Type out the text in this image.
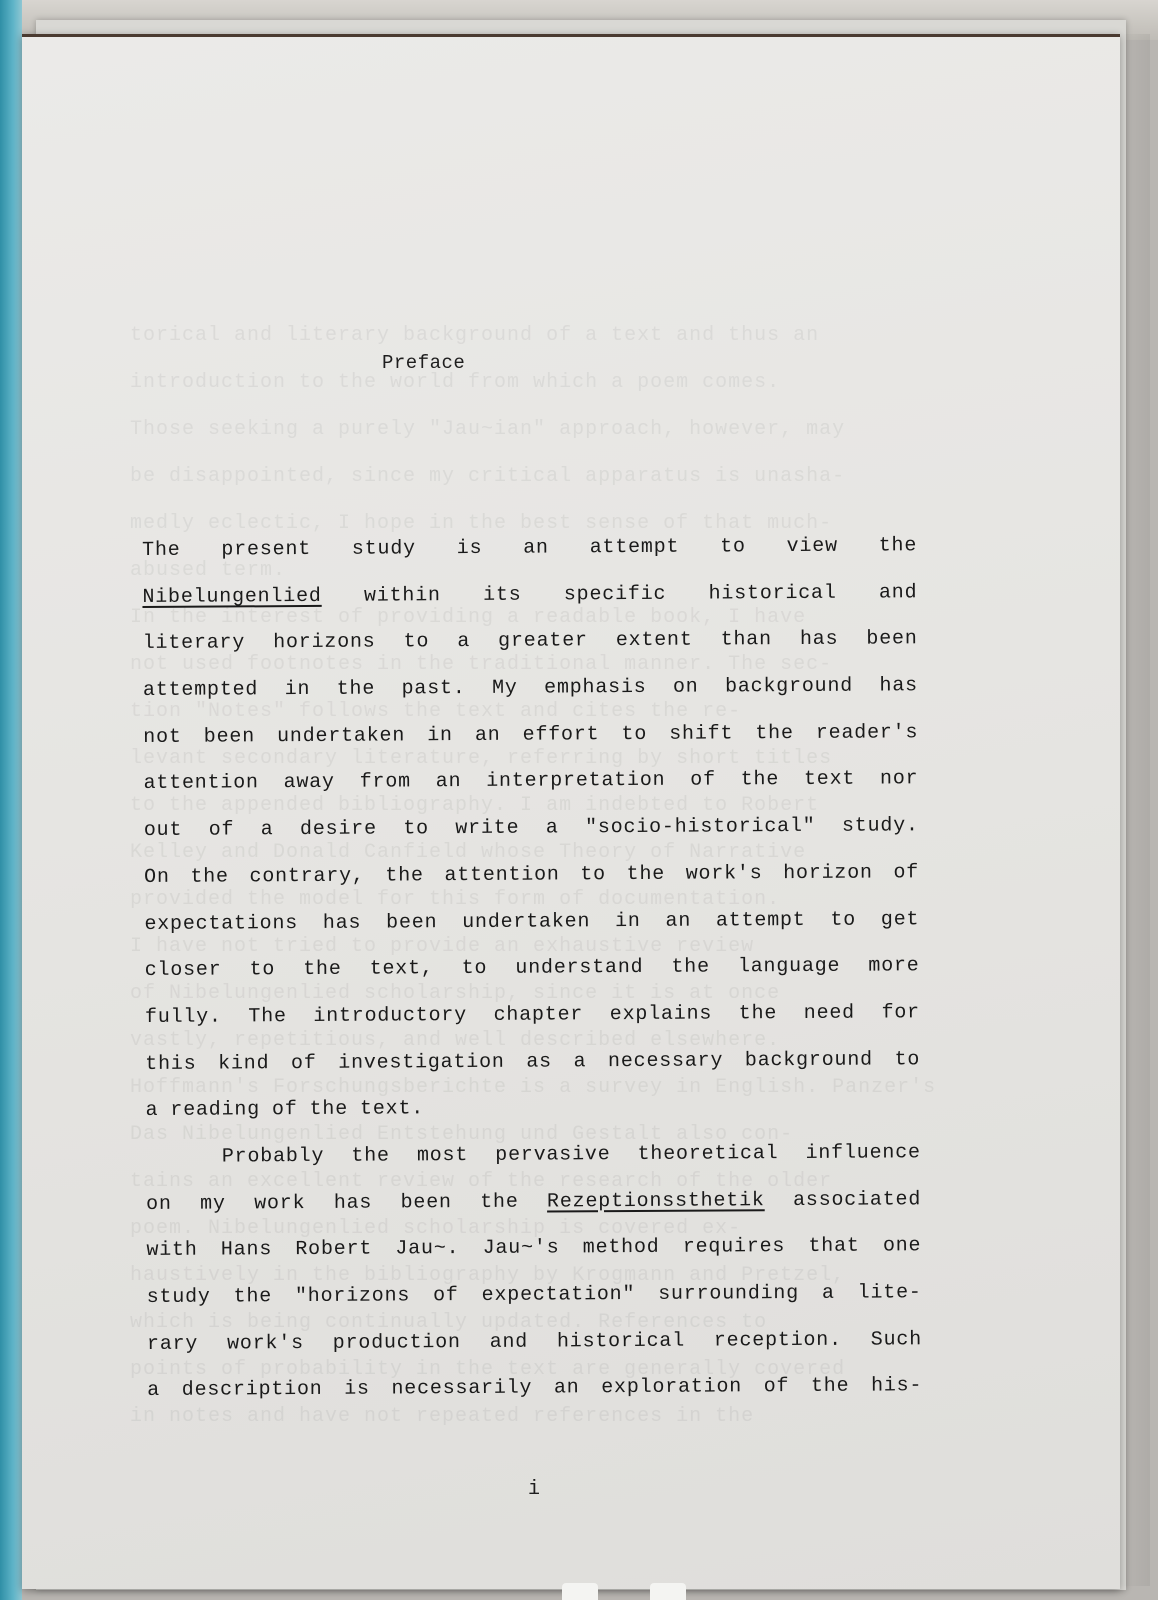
Preface
The present study is an attempt to view the
Nibelungenlied within its specific historical and
literary horizons to a greater extent than has been
attempted in the past. My emphasis on background has
not been undertaken in an effort to shift the reader's
attention away from an interpretation of the text nor
out of a desire to write a "socio-historical" study.
On the contrary, the attention to the work's horizon of
expectations has been undertaken in an attempt to get
closer to the text, to understand the language more
fully. The introductory chapter explains the need for
this kind of investigation as a necessary background to
a reading of the text.
Probably the most pervasive theoretical influence
on my work has been the Rezeptionssthetik associated
with Hans Robert Jau~. Jau~'s method requires that one
study the "horizons of expectation" surrounding a lite-
rary work's production and historical reception. Such
a description is necessarily an exploration of the his-
i
